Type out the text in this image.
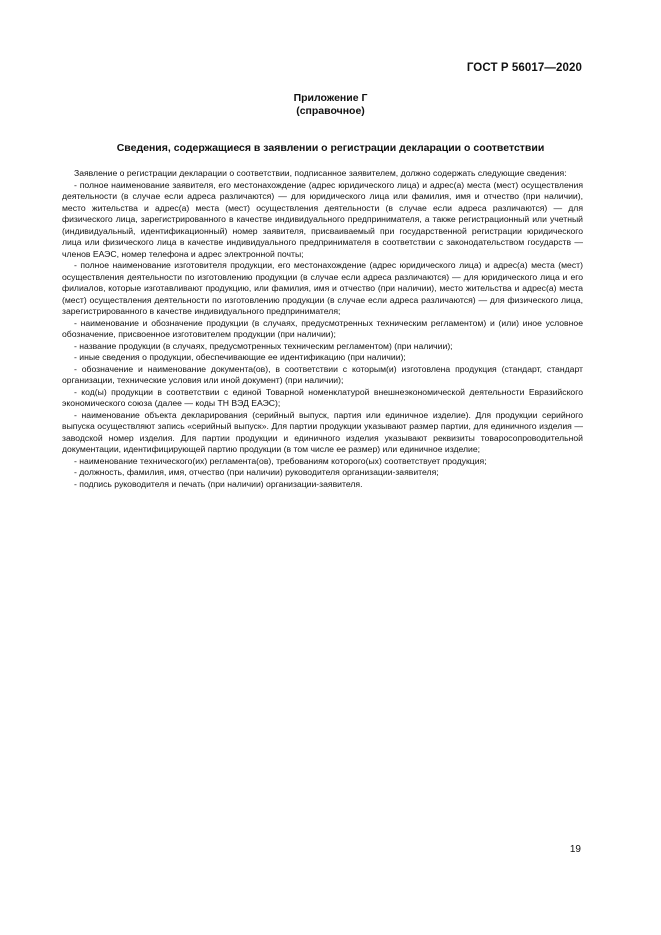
ГОСТ Р 56017—2020
Приложение Г
(справочное)
Сведения, содержащиеся в заявлении о регистрации декларации о соответствии

Заявление о регистрации декларации о соответствии, подписанное заявителем, должно содержать следующие сведения:

- полное наименование заявителя, его местонахождение (адрес юридического лица) и адрес(а) места (мест) осуществления деятельности (в случае если адреса различаются) — для юридического лица или фамилия, имя и отчество (при наличии), место жительства и адрес(а) места (мест) осуществления деятельности (в случае если адреса различаются) — для физического лица, зарегистрированного в качестве индивидуального предпринимателя, а также регистрационный или учетный (индивидуальный, идентификационный) номер заявителя, присваиваемый при государственной регистрации юридического лица или физического лица в качестве индивидуального предпринимателя в соответствии с законодательством государств — членов ЕАЭС, номер телефона и адрес электронной почты;

- полное наименование изготовителя продукции, его местонахождение (адрес юридического лица) и адрес(а) места (мест) осуществления деятельности по изготовлению продукции (в случае если адреса различаются) — для юридического лица и его филиалов, которые изготавливают продукцию, или фамилия, имя и отчество (при наличии), место жительства и адрес(а) места (мест) осуществления деятельности по изготовлению продукции (в случае если адреса различаются) — для физического лица, зарегистрированного в качестве индивидуального предпринимателя;

- наименование и обозначение продукции (в случаях, предусмотренных техническим регламентом) и (или) иное условное обозначение, присвоенное изготовителем продукции (при наличии);

- название продукции (в случаях, предусмотренных техническим регламентом) (при наличии);

- иные сведения о продукции, обеспечивающие ее идентификацию (при наличии);

- обозначение и наименование документа(ов), в соответствии с которым(и) изготовлена продукция (стандарт, стандарт организации, технические условия или иной документ) (при наличии);

- код(ы) продукции в соответствии с единой Товарной номенклатурой внешнеэкономической деятельности Евразийского экономического союза (далее — коды ТН ВЭД ЕАЭС);

- наименование объекта декларирования (серийный выпуск, партия или единичное изделие). Для продукции серийного выпуска осуществляют запись «серийный выпуск». Для партии продукции указывают размер партии, для единичного изделия — заводской номер изделия. Для партии продукции и единичного изделия указывают реквизиты товаросопроводительной документации, идентифицирующей партию продукции (в том числе ее размер) или единичное изделие;

- наименование технического(их) регламента(ов), требованиям которого(ых) соответствует продукция;

- должность, фамилия, имя, отчество (при наличии) руководителя организации-заявителя;

- подпись руководителя и печать (при наличии) организации-заявителя.

19
